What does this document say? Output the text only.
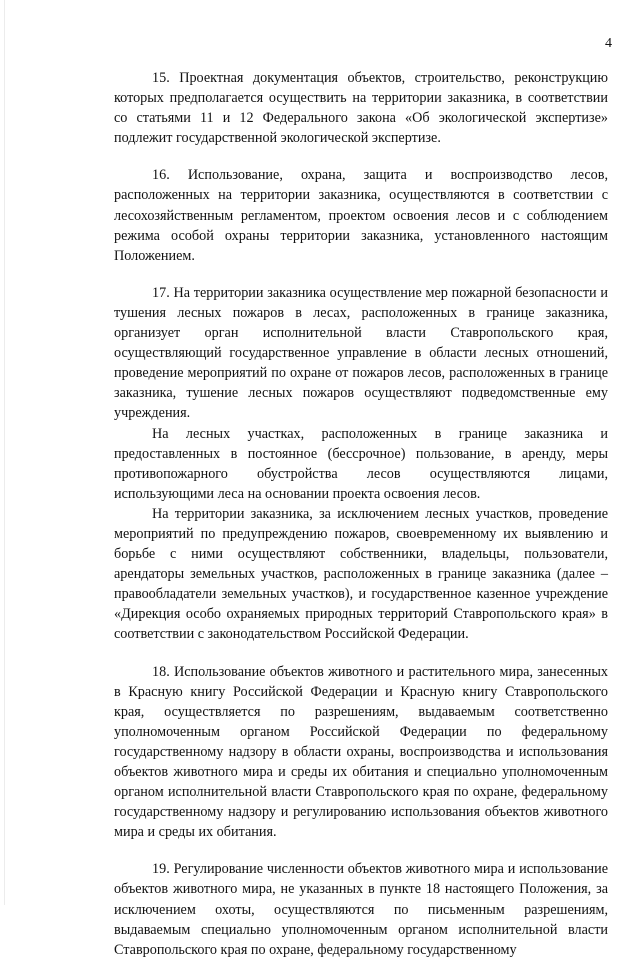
4

15. Проектная документация объектов, строительство, реконструкцию которых предполагается осуществить на территории заказника, в соответствии со статьями 11 и 12 Федерального закона «Об экологической экспертизе» подлежит государственной экологической экспертизе.

16. Использование, охрана, защита и воспроизводство лесов, расположенных на территории заказника, осуществляются в соответствии с лесохозяйственным регламентом, проектом освоения лесов и с соблюдением режима особой охраны территории заказника, установленного настоящим Положением.

17. На территории заказника осуществление мер пожарной безопасности и тушения лесных пожаров в лесах, расположенных в границе заказника, организует орган исполнительной власти Ставропольского края, осуществляющий государственное управление в области лесных отношений, проведение мероприятий по охране от пожаров лесов, расположенных в границе заказника, тушение лесных пожаров осуществляют подведомственные ему учреждения.

На лесных участках, расположенных в границе заказника и предоставленных в постоянное (бессрочное) пользование, в аренду, меры противопожарного обустройства лесов осуществляются лицами, использующими леса на основании проекта освоения лесов.

На территории заказника, за исключением лесных участков, проведение мероприятий по предупреждению пожаров, своевременному их выявлению и борьбе с ними осуществляют собственники, владельцы, пользователи, арендаторы земельных участков, расположенных в границе заказника (далее – правообладатели земельных участков), и государственное казенное учреждение «Дирекция особо охраняемых природных территорий Ставропольского края» в соответствии с законодательством Российской Федерации.

18. Использование объектов животного и растительного мира, занесенных в Красную книгу Российской Федерации и Красную книгу Ставропольского края, осуществляется по разрешениям, выдаваемым соответственно уполномоченным органом Российской Федерации по федеральному государственному надзору в области охраны, воспроизводства и использования объектов животного мира и среды их обитания и специально уполномоченным органом исполнительной власти Ставропольского края по охране, федеральному государственному надзору и регулированию использования объектов животного мира и среды их обитания.

19. Регулирование численности объектов животного мира и использование объектов животного мира, не указанных в пункте 18 настоящего Положения, за исключением охоты, осуществляются по письменным разрешениям, выдаваемым специально уполномоченным органом исполнительной власти Ставропольского края по охране, федеральному государственному
